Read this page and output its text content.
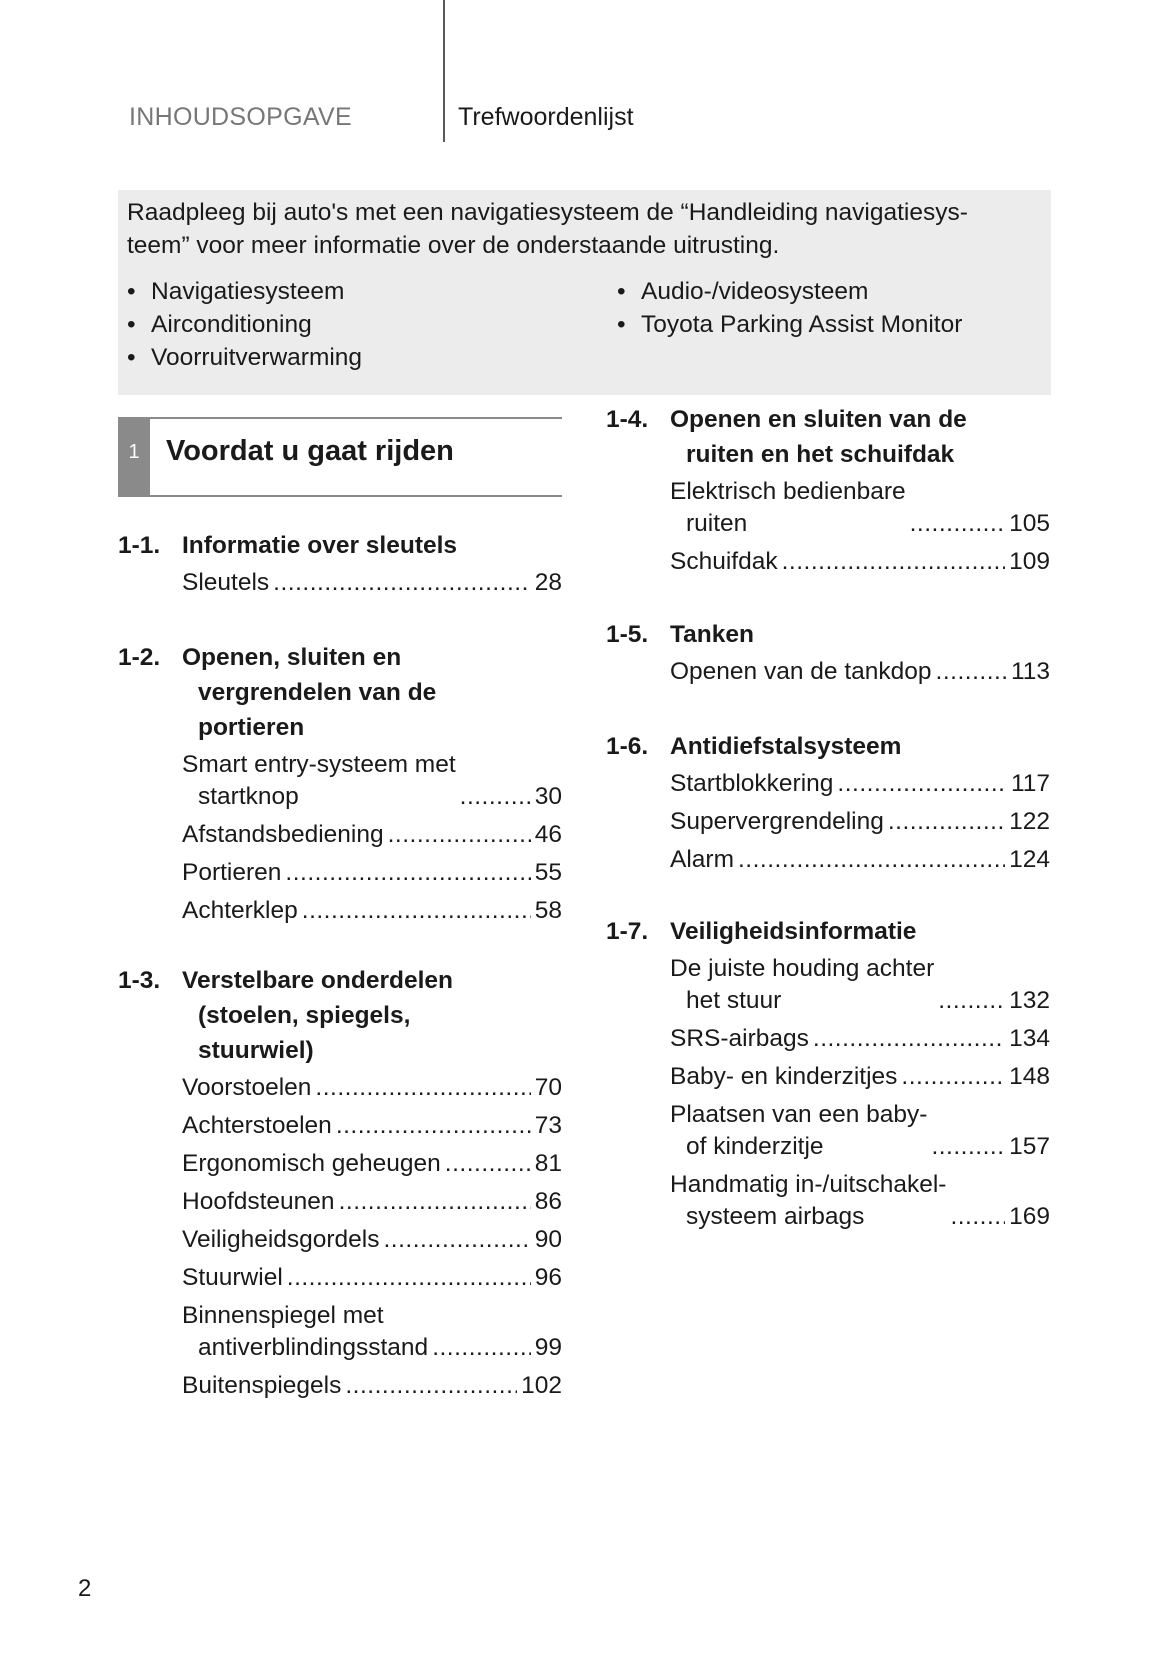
INHOUDSOPGAVE	Trefwoordenlijst

Raadpleeg bij auto's met een navigatiesysteem de “Handleiding navigatiesys-
teem” voor meer informatie over de onderstaande uitrusting.

• Navigatiesysteem
• Airconditioning
• Voorruitverwarming
• Audio-/videosysteem
• Toyota Parking Assist Monitor
1 Voordat u gaat rijden
1-1. Informatie over sleutels
Sleutels .....	28
1-2. Openen, sluiten en
vergrendelen van de
portieren
Smart entry-systeem met
startknop .....	30
Afstandsbediening .....	46
Portieren .....	55
Achterklep .....	58
1-3. Verstelbare onderdelen
(stoelen, spiegels,
stuurwiel)
Voorstoelen .....	70
Achterstoelen .....	73
Ergonomisch geheugen .....	81
Hoofdsteunen .....	86
Veiligheidsgordels .....	90
Stuurwiel .....	96
Binnenspiegel met
antiverblindingsstand .....	99
Buitenspiegels .....	102
1-4. Openen en sluiten van de
ruiten en het schuifdak
Elektrisch bedienbare
ruiten .....	105
Schuifdak .....	109
1-5. Tanken
Openen van de tankdop .....	113
1-6. Antidiefstalsysteem
Startblokkering .....	117
Supervergrendeling .....	122
Alarm .....	124
1-7. Veiligheidsinformatie
De juiste houding achter
het stuur .....	132
SRS-airbags .....	134
Baby- en kinderzitjes .....	148
Plaatsen van een baby-
of kinderzitje .....	157
Handmatig in-/uitschakel-
systeem airbags .....	169
2
